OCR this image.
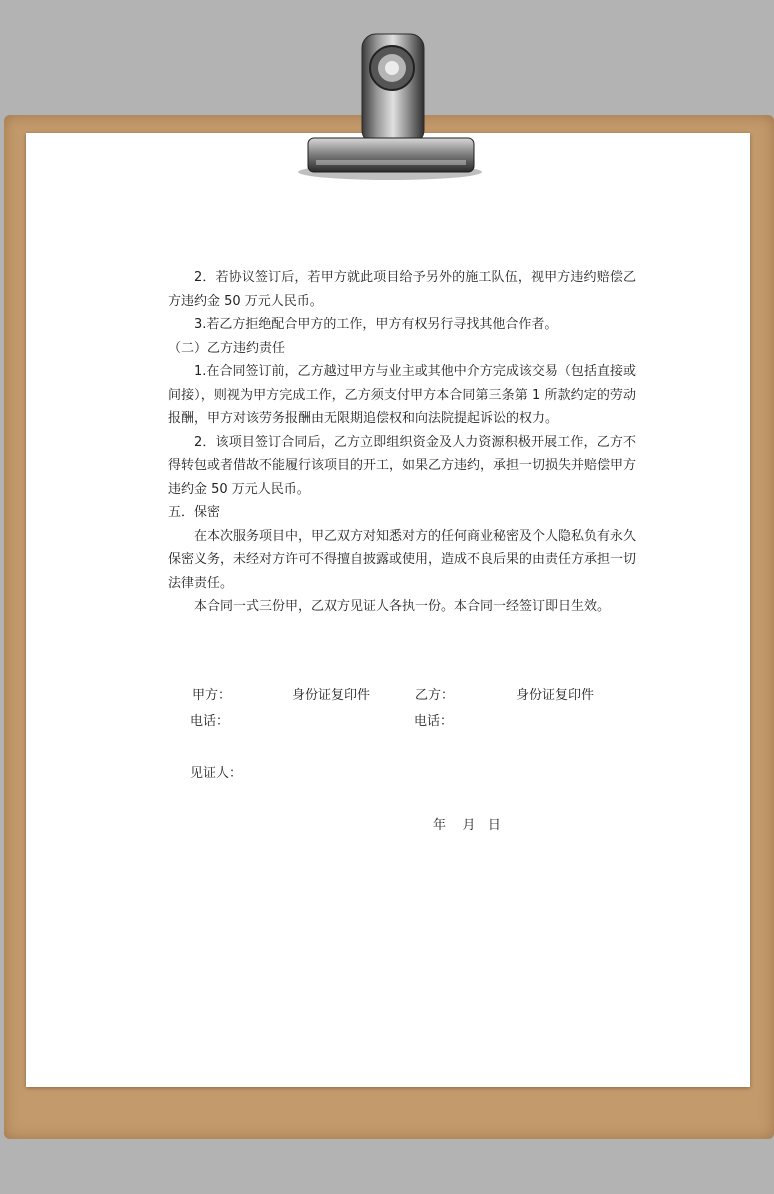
2．若协议签订后，若甲方就此项目给予另外的施工队伍，视甲方违约赔偿乙方违约金 50 万元人民币。

3.若乙方拒绝配合甲方的工作，甲方有权另行寻找其他合作者。

（二）乙方违约责任

1.在合同签订前，乙方越过甲方与业主或其他中介方完成该交易（包括直接或间接），则视为甲方完成工作，乙方须支付甲方本合同第三条第 1 所款约定的劳动报酬，甲方对该劳务报酬由无限期追偿权和向法院提起诉讼的权力。

2．该项目签订合同后，乙方立即组织资金及人力资源积极开展工作，乙方不得转包或者借故不能履行该项目的开工，如果乙方违约，承担一切损失并赔偿甲方违约金 50 万元人民币。

五．保密

在本次服务项目中，甲乙双方对知悉对方的任何商业秘密及个人隐私负有永久保密义务，未经对方许可不得擅自披露或使用，造成不良后果的由责任方承担一切法律责任。

本合同一式三份甲，乙双方见证人各执一份。本合同一经签订即日生效。

甲方：	身份证复印件	乙方：	身份证复印件
电话：	电话：
见证人：
年    月   日
